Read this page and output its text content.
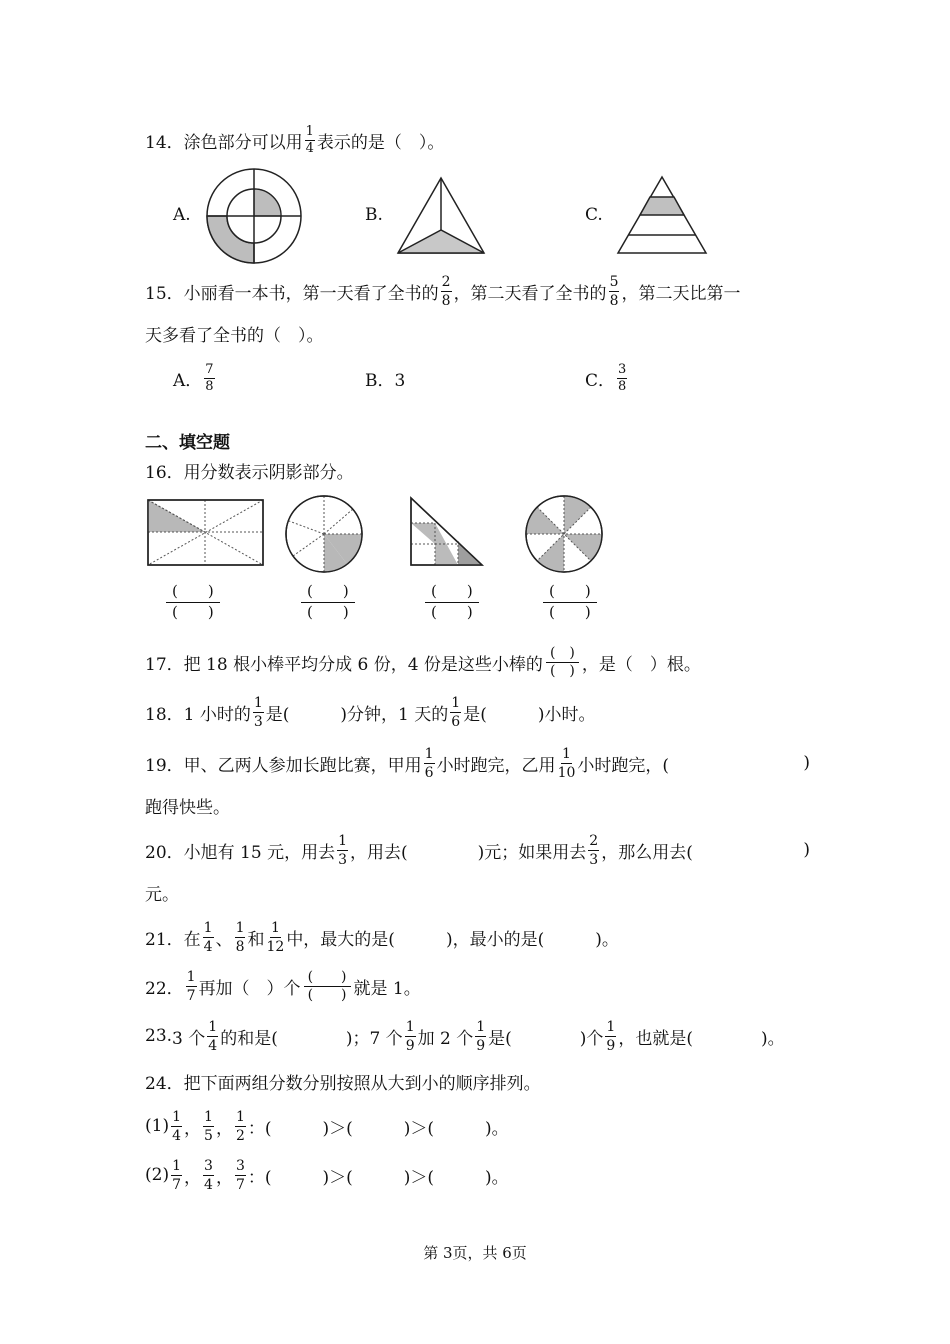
14． 涂色部分可以用 $\frac{1}{4}$ 表示的是（　）。
A.	B.	C.
15． 小丽看一本书，第一天看了全书的 $\frac{2}{8}$ ，第二天看了全书的 $\frac{5}{8}$ ，第二天比第一
天多看了全书的（　）。
A． $\frac{7}{8}$	B．3	C． $\frac{3}{8}$
二、填空题
16． 用分数表示阴影部分。
$\frac{( )}{( )}$	$\frac{( )}{( )}$	$\frac{( )}{( )}$	$\frac{( )}{( )}$
17． 把 18 根小棒平均分成 6 份，4 份是这些小棒的 $\frac{( )}{( )}$ ，是（　）根。
18． 1 小时的 $\frac{1}{3}$ 是(　　　)分钟，1 天的 $\frac{1}{6}$ 是(　　　)小时。
19． 甲、乙两人参加长跑比赛，甲用 $\frac{1}{6}$ 小时跑完，乙用 $\frac{1}{10}$ 小时跑完，(	)
跑得快些。
20． 小旭有 15 元，用去 $\frac{1}{3}$ ，用去(	)元；如果用去 $\frac{2}{3}$ ，那么用去(	)
元。
21． 在 $\frac{1}{4}$ 、 $\frac{1}{8}$ 和 $\frac{1}{12}$ 中，最大的是(　　　)，最小的是(　　　)。
22． $\frac{1}{7}$ 再加（　）个 $\frac{( )}{( )}$ 就是 1。
23. 3 个 $\frac{1}{4}$ 的和是(　　　　)；7 个 $\frac{1}{9}$ 加 2 个 $\frac{1}{9}$ 是(　　　　)个 $\frac{1}{9}$ ，也就是(　　　　)。
24． 把下面两组分数分别按照从大到小的顺序排列。
$(1) \frac{1}{4}$ ， $\frac{1}{5}$ ， $\frac{1}{2}$ ：(　　　)＞(　　　)＞(　　　)。
$(2) \frac{1}{7}$ ， $\frac{3}{4}$ ， $\frac{3}{7}$ ：(　　　)＞(　　　)＞(　　　)。
第 3页，共 6页
